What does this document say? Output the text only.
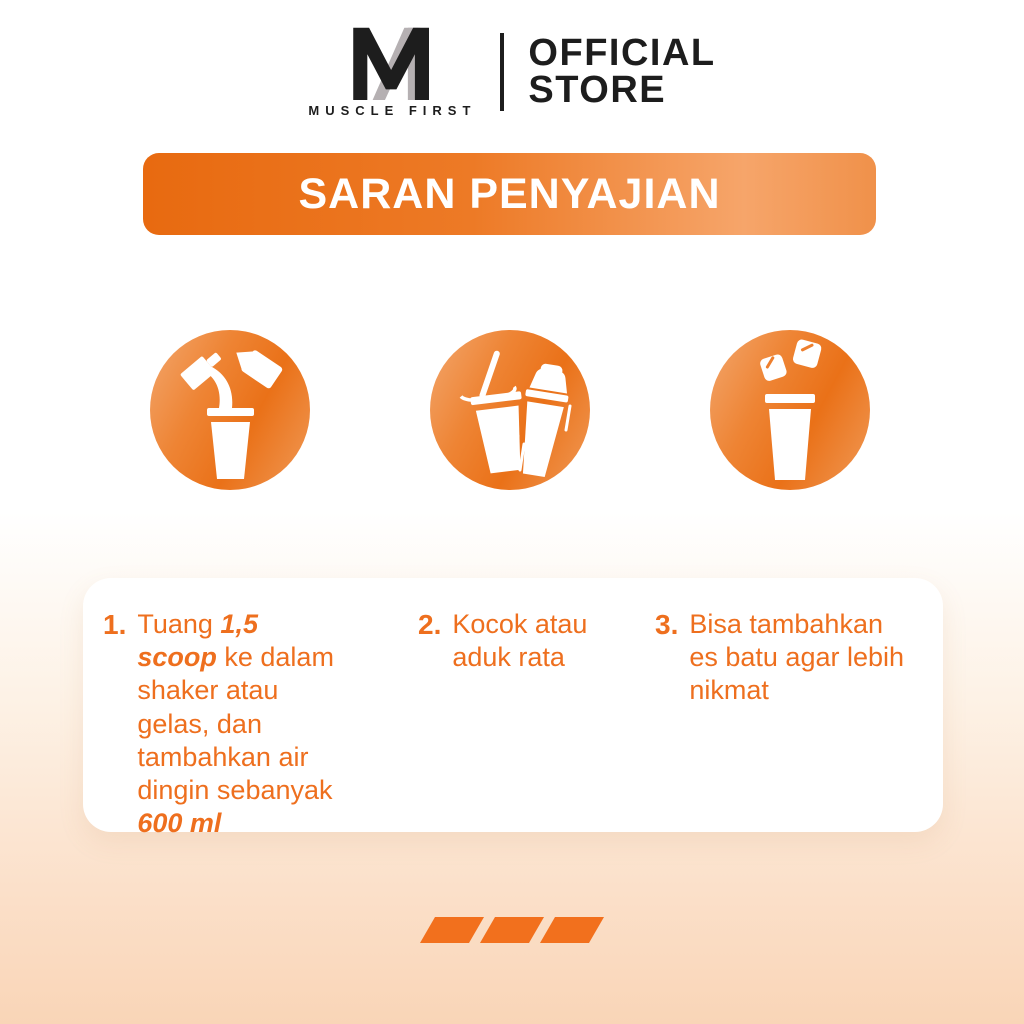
MUSCLE FIRST
OFFICIAL
STORE
SARAN PENYAJIAN
1. Tuang 1,5 scoop ke dalam shaker atau gelas, dan tambahkan air dingin sebanyak 600 ml
2. Kocok atau aduk rata
3. Bisa tambahkan es batu agar lebih nikmat
